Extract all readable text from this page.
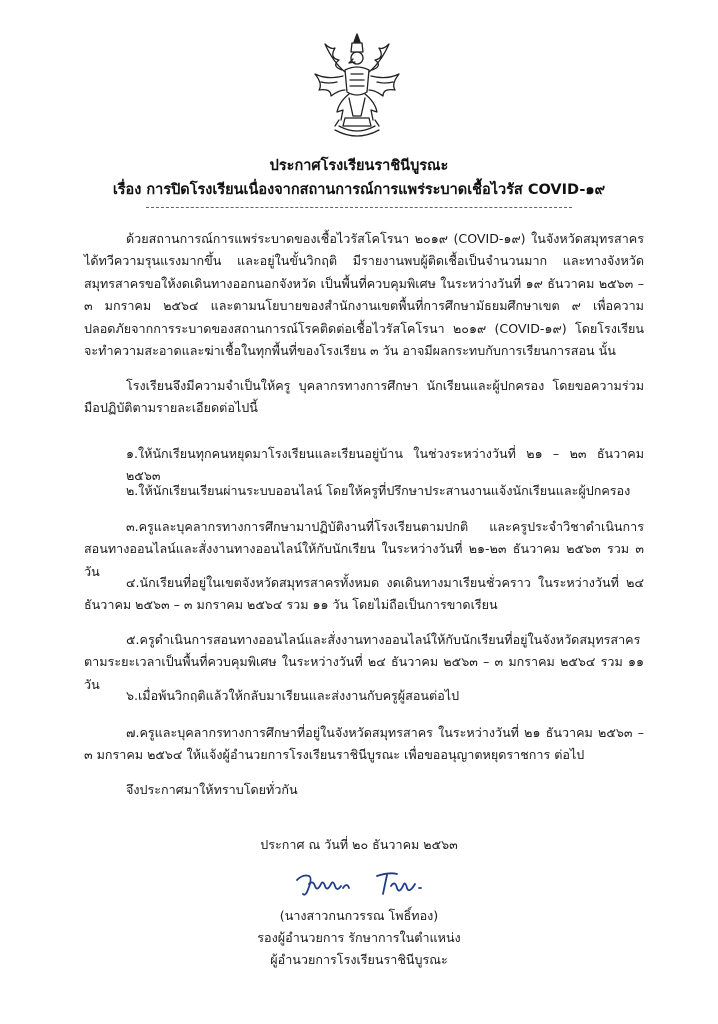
ประกาศโรงเรียนราชินีบูรณะ
เรื่อง การปิดโรงเรียนเนื่องจากสถานการณ์การแพร่ระบาดเชื้อไวรัส COVID-๑๙

ด้วยสถานการณ์การแพร่ระบาดของเชื้อไวรัสโคโรนา ๒๐๑๙ (COVID-๑๙) ในจังหวัดสมุทรสาคร ได้ทวีความรุนแรงมากขึ้น และอยู่ในขั้นวิกฤติ มีรายงานพบผู้ติดเชื้อเป็นจำนวนมาก และทางจังหวัดสมุทรสาครขอให้งดเดินทางออกนอกจังหวัด เป็นพื้นที่ควบคุมพิเศษ ในระหว่างวันที่ ๑๙ ธันวาคม ๒๕๖๓ – ๓ มกราคม ๒๕๖๔ และตามนโยบายของสำนักงานเขตพื้นที่การศึกษามัธยมศึกษาเขต ๙ เพื่อความปลอดภัยจากการระบาดของสถานการณ์โรคติดต่อเชื้อไวรัสโคโรนา ๒๐๑๙ (COVID-๑๙) โดยโรงเรียนจะทำความสะอาดและฆ่าเชื้อในทุกพื้นที่ของโรงเรียน ๓ วัน อาจมีผลกระทบกับการเรียนการสอน นั้น

โรงเรียนจึงมีความจำเป็นให้ครู บุคลากรทางการศึกษา นักเรียนและผู้ปกครอง โดยขอความร่วมมือปฏิบัติตามรายละเอียดต่อไปนี้

๑.ให้นักเรียนทุกคนหยุดมาโรงเรียนและเรียนอยู่บ้าน ในช่วงระหว่างวันที่ ๒๑ – ๒๓ ธันวาคม ๒๕๖๓

๒.ให้นักเรียนเรียนผ่านระบบออนไลน์ โดยให้ครูที่ปรึกษาประสานงานแจ้งนักเรียนและผู้ปกครอง

๓.ครูและบุคลากรทางการศึกษามาปฏิบัติงานที่โรงเรียนตามปกติ และครูประจำวิชาดำเนินการสอนทางออนไลน์และสั่งงานทางออนไลน์ให้กับนักเรียน ในระหว่างวันที่ ๒๑-๒๓ ธันวาคม ๒๕๖๓ รวม ๓ วัน

๔.นักเรียนที่อยู่ในเขตจังหวัดสมุทรสาครทั้งหมด งดเดินทางมาเรียนชั่วคราว ในระหว่างวันที่ ๒๔ ธันวาคม ๒๕๖๓ – ๓ มกราคม ๒๕๖๔ รวม ๑๑ วัน โดยไม่ถือเป็นการขาดเรียน

๕.ครูดำเนินการสอนทางออนไลน์และสั่งงานทางออนไลน์ให้กับนักเรียนที่อยู่ในจังหวัดสมุทรสาครตามระยะเวลาเป็นพื้นที่ควบคุมพิเศษ ในระหว่างวันที่ ๒๔ ธันวาคม ๒๕๖๓ – ๓ มกราคม ๒๕๖๔ รวม ๑๑ วัน

๖.เมื่อพ้นวิกฤติแล้วให้กลับมาเรียนและส่งงานกับครูผู้สอนต่อไป

๗.ครูและบุคลากรทางการศึกษาที่อยู่ในจังหวัดสมุทรสาคร ในระหว่างวันที่ ๒๑ ธันวาคม ๒๕๖๓ – ๓ มกราคม ๒๕๖๔ ให้แจ้งผู้อำนวยการโรงเรียนราชินีบูรณะ เพื่อขออนุญาตหยุดราชการ ต่อไป

จึงประกาศมาให้ทราบโดยทั่วกัน

ประกาศ ณ วันที่ ๒๐ ธันวาคม ๒๕๖๓
(นางสาวกนกวรรณ โพธิ์ทอง)
รองผู้อำนวยการ รักษาการในตำแหน่ง
ผู้อำนวยการโรงเรียนราชินีบูรณะ
